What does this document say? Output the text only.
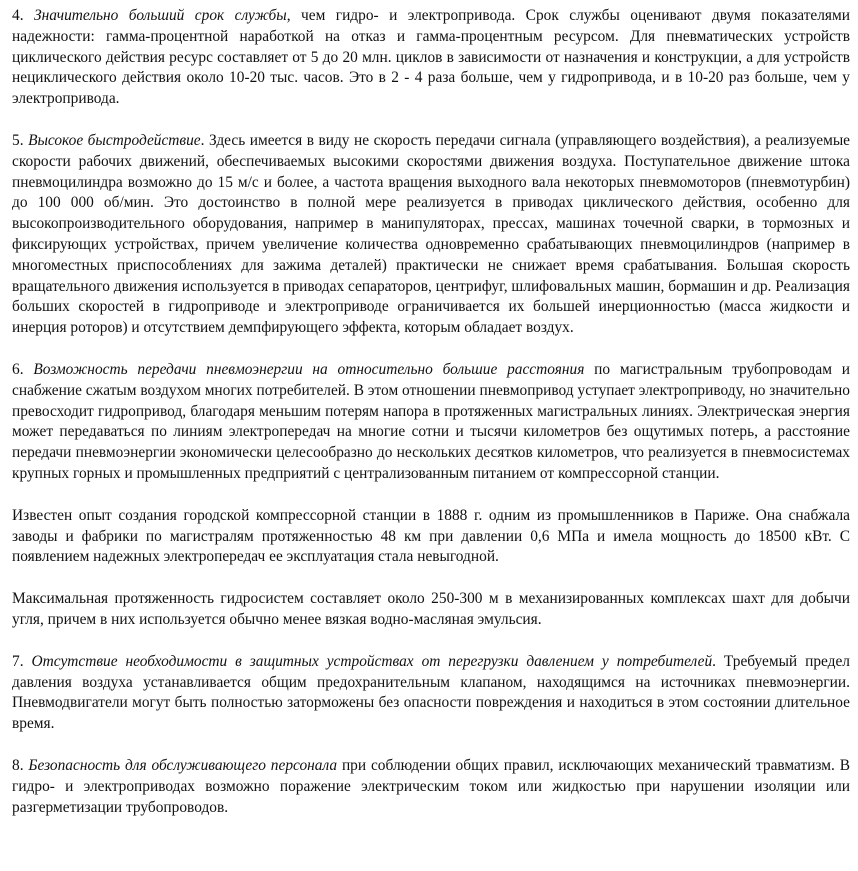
4. Значительно больший срок службы, чем гидро- и электропривода. Срок службы оценивают двумя показателями надежности: гамма-процентной наработкой на отказ и гамма-процентным ресурсом. Для пневматических устройств циклического действия ресурс составляет от 5 до 20 млн. циклов в зависимости от назначения и конструкции, а для устройств нециклического действия около 10-20 тыс. часов. Это в 2 - 4 раза больше, чем у гидропривода, и в 10-20 раз больше, чем у электропривода.

5. Высокое быстродействие. Здесь имеется в виду не скорость передачи сигнала (управляющего воздействия), а реализуемые скорости рабочих движений, обеспечиваемых высокими скоростями движения воздуха. Поступательное движение штока пневмоцилиндра возможно до 15 м/с и более, а частота вращения выходного вала некоторых пневмомоторов (пневмотурбин) до 100 000 об/мин. Это достоинство в полной мере реализуется в приводах циклического действия, особенно для высокопроизводительного оборудования, например в манипуляторах, прессах, машинах точечной сварки, в тормозных и фиксирующих устройствах, причем увеличение количества одновременно срабатывающих пневмоцилиндров (например в многоместных приспособлениях для зажима деталей) практически не снижает время срабатывания. Большая скорость вращательного движения используется в приводах сепараторов, центрифуг, шлифовальных машин, бормашин и др. Реализация больших скоростей в гидроприводе и электроприводе ограничивается их большей инерционностью (масса жидкости и инерция роторов) и отсутствием демпфирующего эффекта, которым обладает воздух.

6. Возможность передачи пневмоэнергии на относительно большие расстояния по магистральным трубопроводам и снабжение сжатым воздухом многих потребителей. В этом отношении пневмопривод уступает электроприводу, но значительно превосходит гидропривод, благодаря меньшим потерям напора в протяженных магистральных линиях. Электрическая энергия может передаваться по линиям электропередач на многие сотни и тысячи километров без ощутимых потерь, а расстояние передачи пневмоэнергии экономически целесообразно до нескольких десятков километров, что реализуется в пневмосистемах крупных горных и промышленных предприятий с централизованным питанием от компрессорной станции.

Известен опыт создания городской компрессорной станции в 1888 г. одним из промышленников в Париже. Она снабжала заводы и фабрики по магистралям протяженностью 48 км при давлении 0,6 МПа и имела мощность до 18500 кВт. С появлением надежных электропередач ее эксплуатация стала невыгодной.

Максимальная протяженность гидросистем составляет около 250-300 м в механизированных комплексах шахт для добычи угля, причем в них используется обычно менее вязкая водно-масляная эмульсия.

7. Отсутствие необходимости в защитных устройствах от перегрузки давлением у потребителей. Требуемый предел давления воздуха устанавливается общим предохранительным клапаном, находящимся на источниках пневмоэнергии. Пневмодвигатели могут быть полностью заторможены без опасности повреждения и находиться в этом состоянии длительное время.

8. Безопасность для обслуживающего персонала при соблюдении общих правил, исключающих механический травматизм. В гидро- и электроприводах возможно поражение электрическим током или жидкостью при нарушении изоляции или разгерметизации трубопроводов.
